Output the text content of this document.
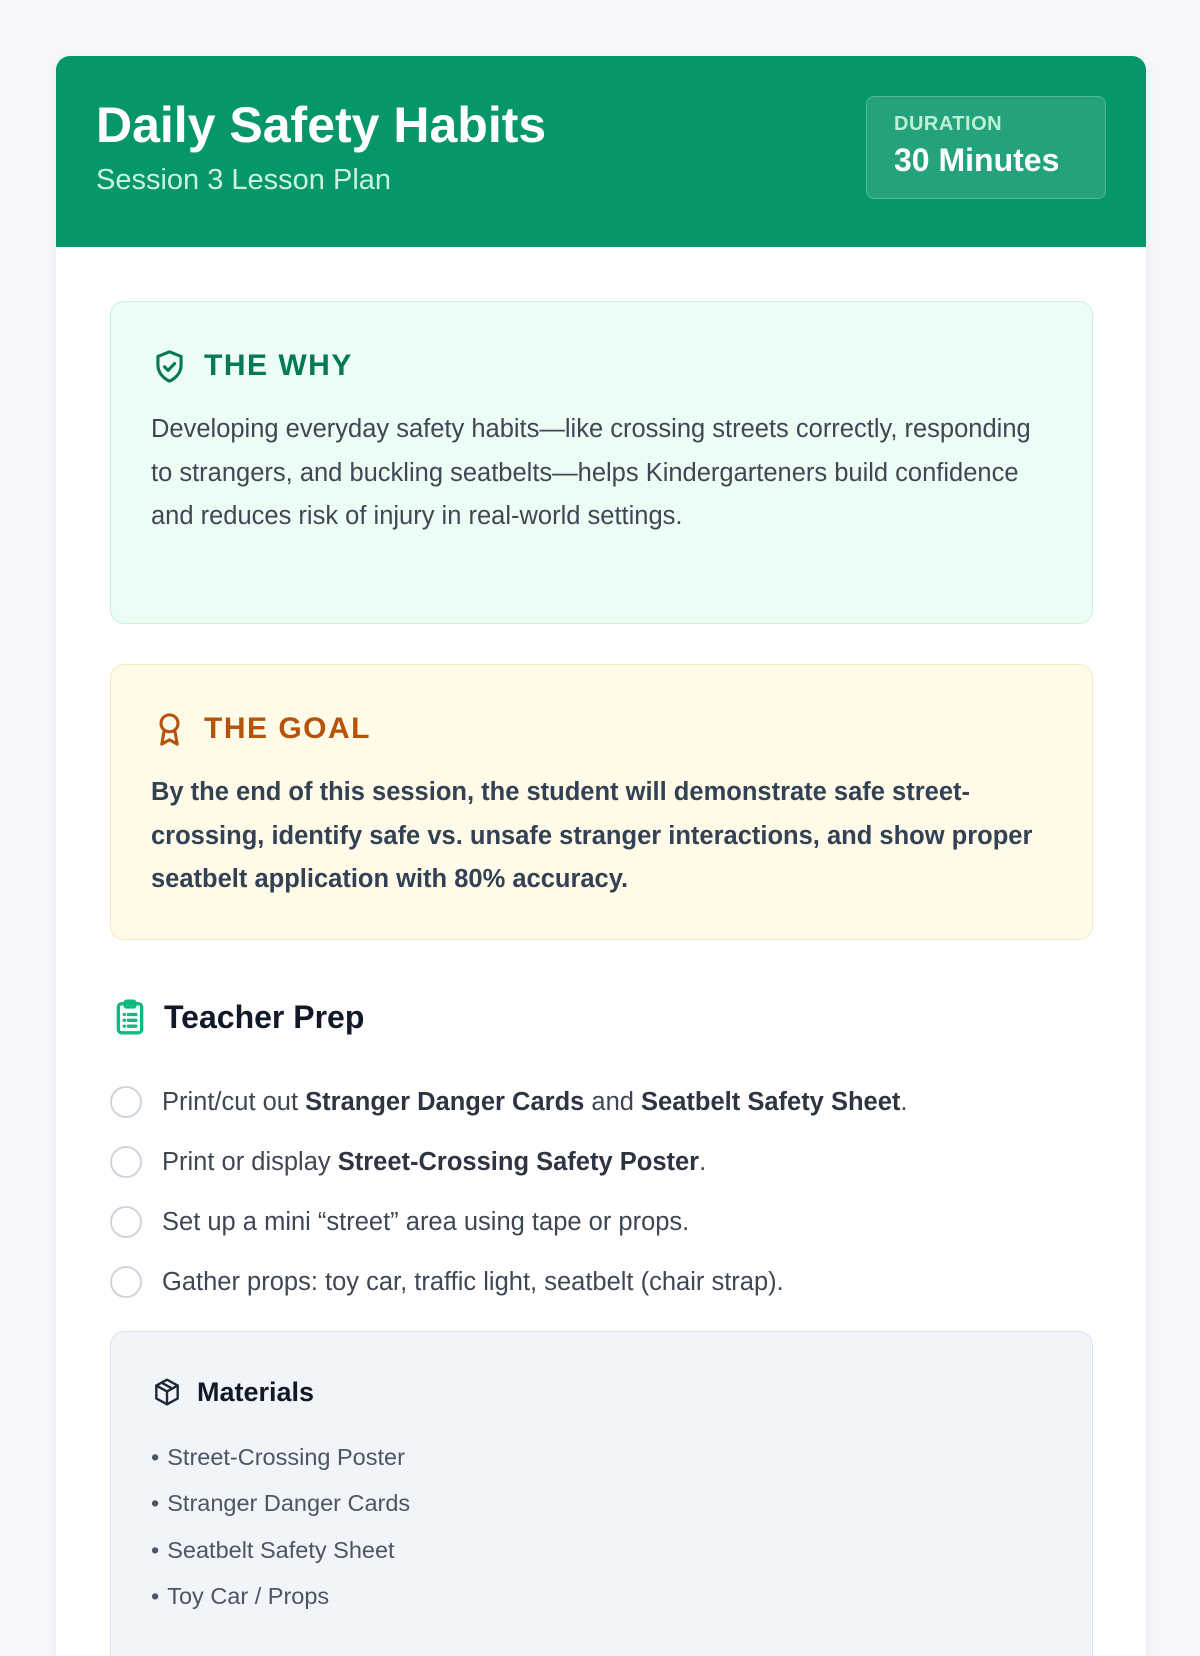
Daily Safety Habits
Session 3 Lesson Plan
DURATION
30 Minutes
THE WHY
Developing everyday safety habits—like crossing streets correctly, responding to strangers, and buckling seatbelts—helps Kindergarteners build confidence and reduces risk of injury in real-world settings.
THE GOAL
By the end of this session, the student will demonstrate safe street-crossing, identify safe vs. unsafe stranger interactions, and show proper seatbelt application with 80% accuracy.
Teacher Prep
Print/cut out Stranger Danger Cards and Seatbelt Safety Sheet.
Print or display Street-Crossing Safety Poster.
Set up a mini “street” area using tape or props.
Gather props: toy car, traffic light, seatbelt (chair strap).
Materials
• Street-Crossing Poster
• Stranger Danger Cards
• Seatbelt Safety Sheet
• Toy Car / Props
